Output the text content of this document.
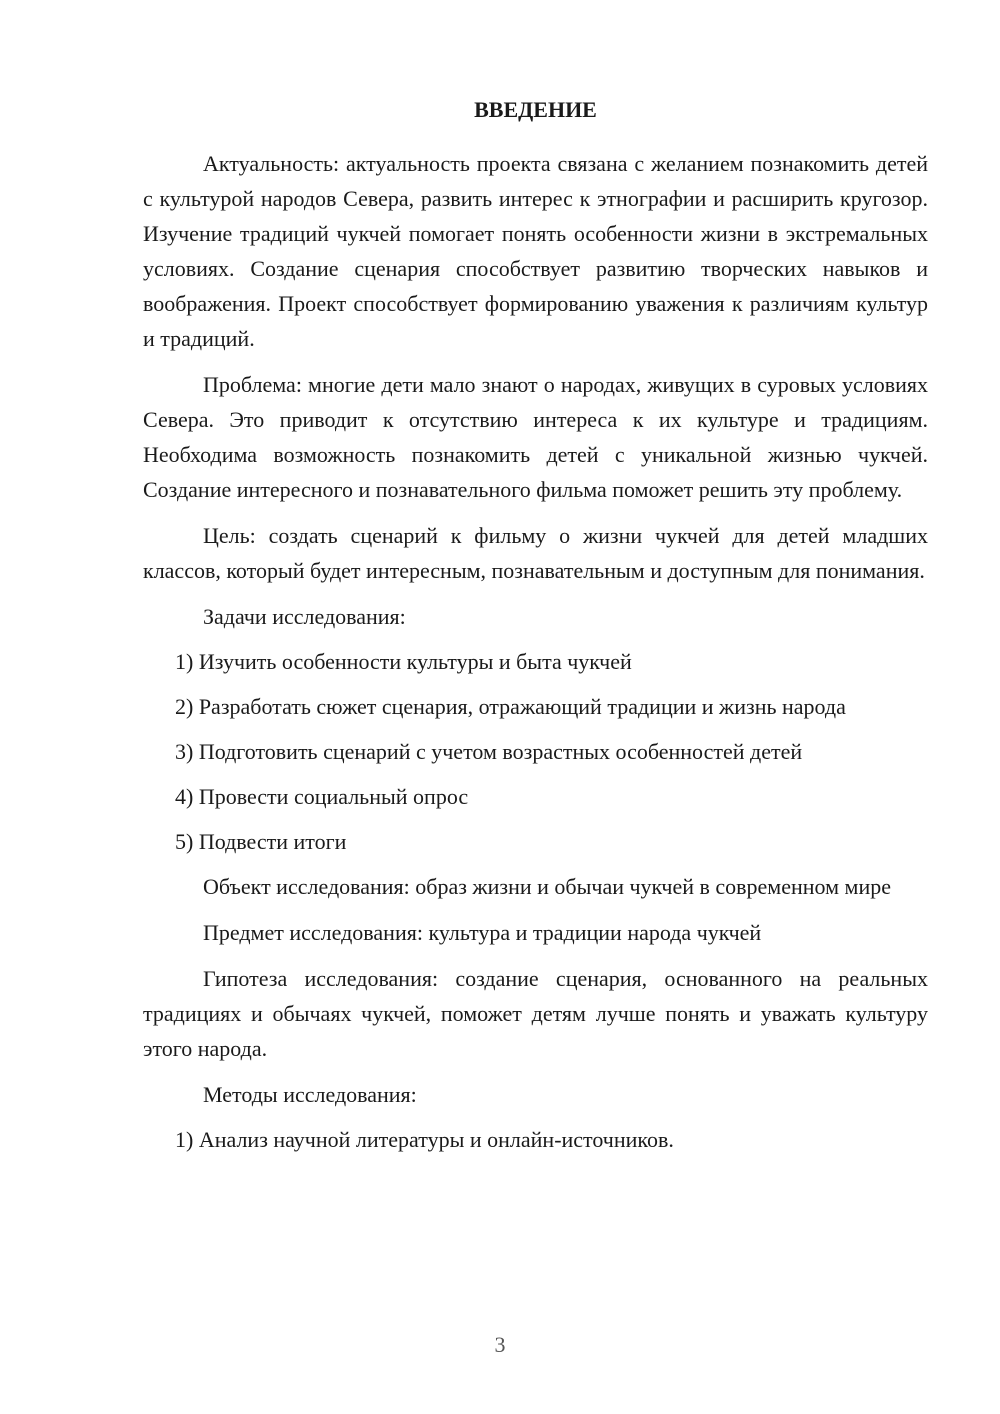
ВВЕДЕНИЕ

Актуальность: актуальность проекта связана с желанием познакомить детей с культурой народов Севера, развить интерес к этнографии и расширить кругозор. Изучение традиций чукчей помогает понять особенности жизни в экстремальных условиях. Создание сценария способствует развитию творческих навыков и воображения. Проект способствует формированию уважения к различиям культур и традиций.

Проблема: многие дети мало знают о народах, живущих в суровых условиях Севера. Это приводит к отсутствию интереса к их культуре и традициям. Необходима возможность познакомить детей с уникальной жизнью чукчей. Создание интересного и познавательного фильма поможет решить эту проблему.

Цель: создать сценарий к фильму о жизни чукчей для детей младших классов, который будет интересным, познавательным и доступным для понимания.

Задачи исследования:

1) Изучить особенности культуры и быта чукчей

2) Разработать сюжет сценария, отражающий традиции и жизнь народа

3) Подготовить сценарий с учетом возрастных особенностей детей

4) Провести социальный опрос

5) Подвести итоги

Объект исследования: образ жизни и обычаи чукчей в современном мире

Предмет исследования: культура и традиции народа чукчей

Гипотеза исследования: создание сценария, основанного на реальных традициях и обычаях чукчей, поможет детям лучше понять и уважать культуру этого народа.

Методы исследования:

1) Анализ научной литературы и онлайн-источников.

3
